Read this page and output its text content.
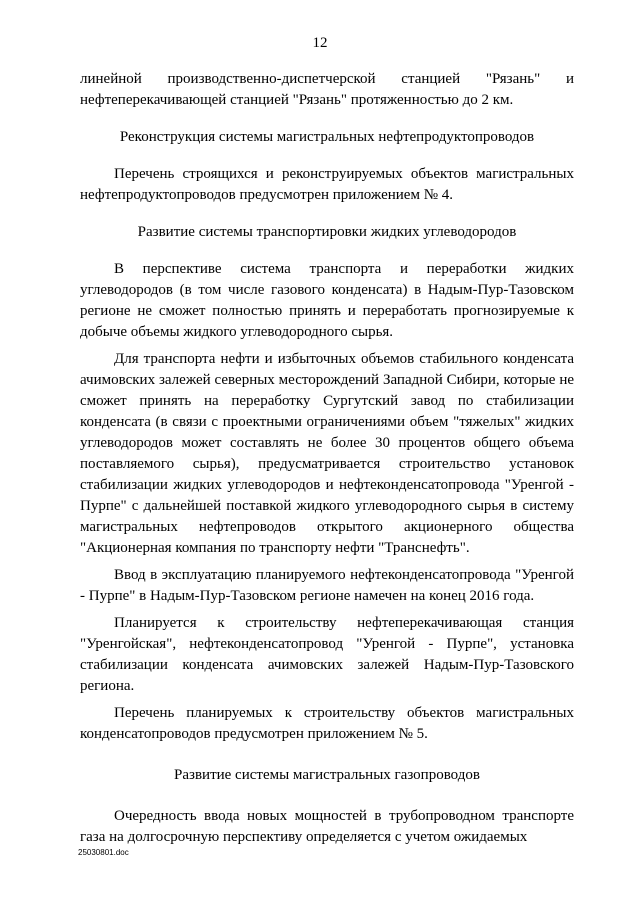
12

линейной производственно-диспетчерской станцией "Рязань" и нефтеперекачивающей станцией "Рязань" протяженностью до 2 км.

Реконструкция системы магистральных нефтепродуктопроводов

Перечень строящихся и реконструируемых объектов магистральных нефтепродуктопроводов предусмотрен приложением № 4.

Развитие системы транспортировки жидких углеводородов

В перспективе система транспорта и переработки жидких углеводородов (в том числе газового конденсата) в Надым-Пур-Тазовском регионе не сможет полностью принять и переработать прогнозируемые к добыче объемы жидкого углеводородного сырья.

Для транспорта нефти и избыточных объемов стабильного конденсата ачимовских залежей северных месторождений Западной Сибири, которые не сможет принять на переработку Сургутский завод по стабилизации конденсата (в связи с проектными ограничениями объем "тяжелых" жидких углеводородов может составлять не более 30 процентов общего объема поставляемого сырья), предусматривается строительство установок стабилизации жидких углеводородов и нефтеконденсатопровода "Уренгой - Пурпе" с дальнейшей поставкой жидкого углеводородного сырья в систему магистральных нефтепроводов открытого акционерного общества "Акционерная компания по транспорту нефти "Транснефть".

Ввод в эксплуатацию планируемого нефтеконденсатопровода "Уренгой - Пурпе" в Надым-Пур-Тазовском регионе намечен на конец 2016 года.

Планируется к строительству нефтеперекачивающая станция "Уренгойская", нефтеконденсатопровод "Уренгой - Пурпе", установка стабилизации конденсата ачимовских залежей Надым-Пур-Тазовского региона.

Перечень планируемых к строительству объектов магистральных конденсатопроводов предусмотрен приложением № 5.

Развитие системы магистральных газопроводов

Очередность ввода новых мощностей в трубопроводном транспорте газа на долгосрочную перспективу определяется с учетом ожидаемых

25030801.doc
